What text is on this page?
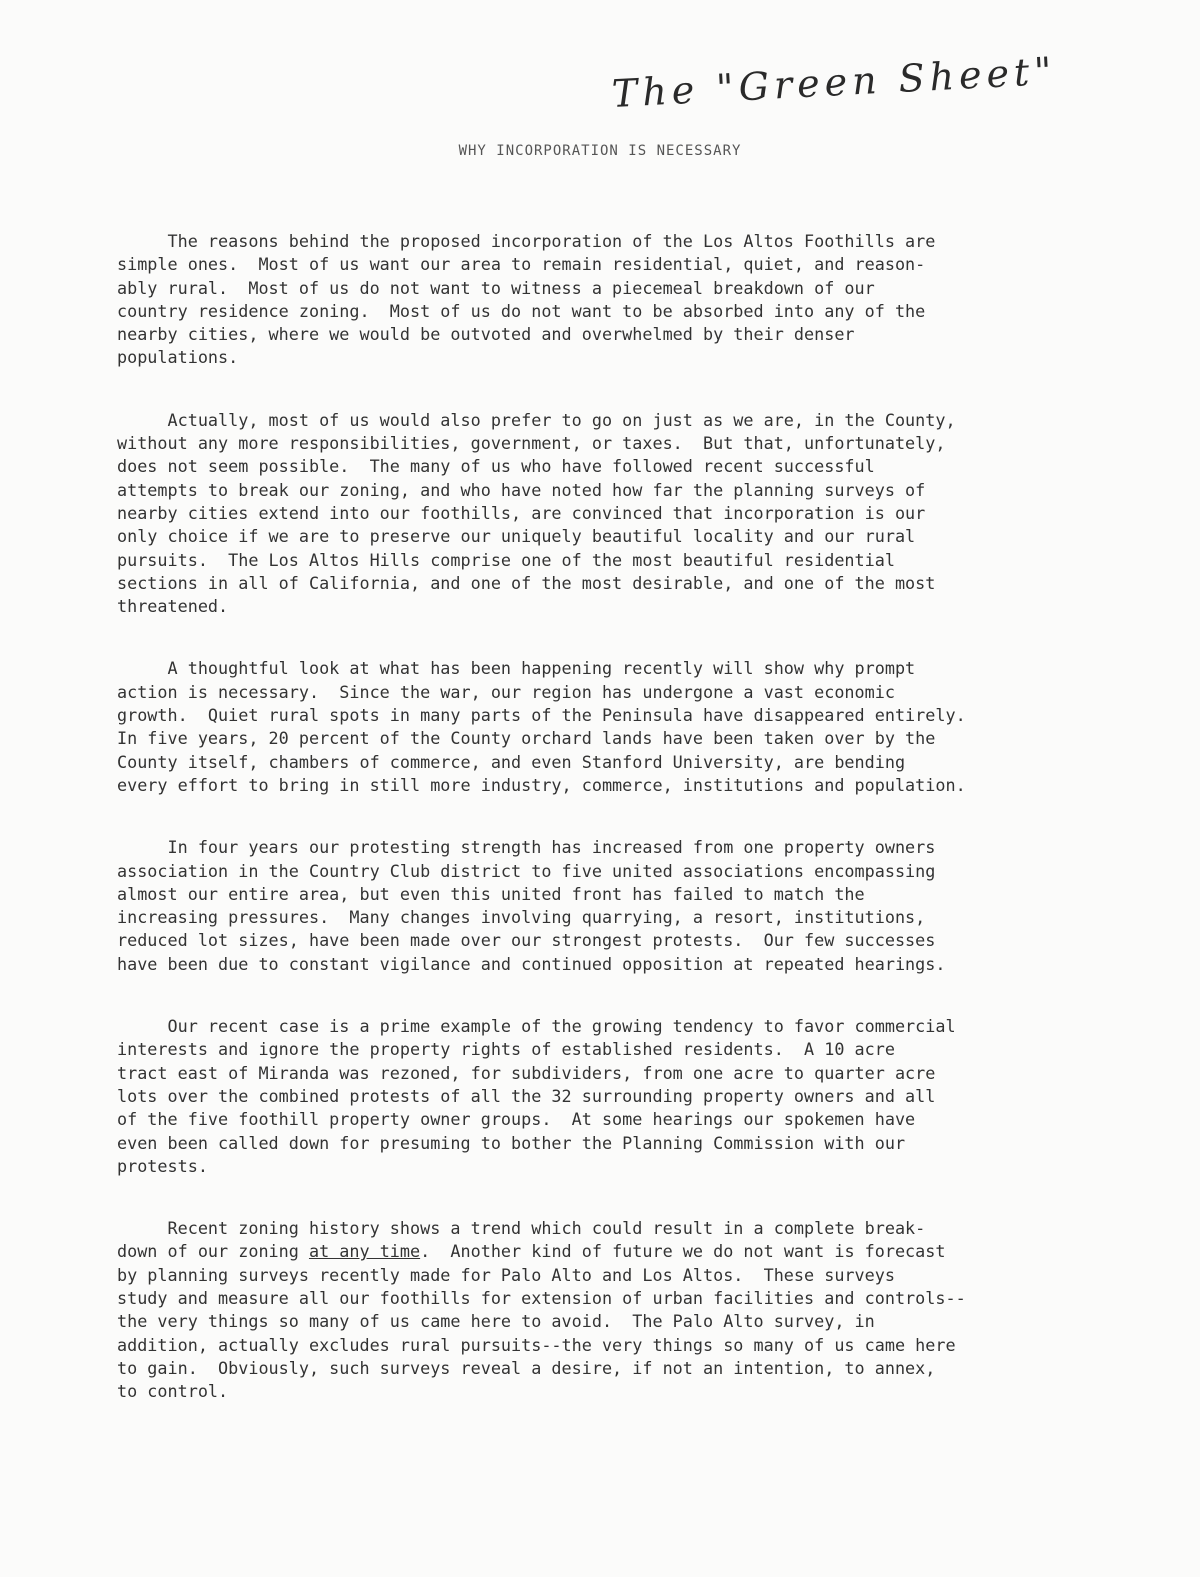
The "Green Sheet"
WHY INCORPORATION IS NECESSARY

The reasons behind the proposed incorporation of the Los Altos Foothills are
simple ones.  Most of us want our area to remain residential, quiet, and reason-
ably rural.  Most of us do not want to witness a piecemeal breakdown of our
country residence zoning.  Most of us do not want to be absorbed into any of the
nearby cities, where we would be outvoted and overwhelmed by their denser
populations.

Actually, most of us would also prefer to go on just as we are, in the County,
without any more responsibilities, government, or taxes.  But that, unfortunately,
does not seem possible.  The many of us who have followed recent successful
attempts to break our zoning, and who have noted how far the planning surveys of
nearby cities extend into our foothills, are convinced that incorporation is our
only choice if we are to preserve our uniquely beautiful locality and our rural
pursuits.  The Los Altos Hills comprise one of the most beautiful residential
sections in all of California, and one of the most desirable, and one of the most
threatened.

A thoughtful look at what has been happening recently will show why prompt
action is necessary.  Since the war, our region has undergone a vast economic
growth.  Quiet rural spots in many parts of the Peninsula have disappeared entirely.
In five years, 20 percent of the County orchard lands have been taken over by the
County itself, chambers of commerce, and even Stanford University, are bending
every effort to bring in still more industry, commerce, institutions and population.

In four years our protesting strength has increased from one property owners
association in the Country Club district to five united associations encompassing
almost our entire area, but even this united front has failed to match the
increasing pressures.  Many changes involving quarrying, a resort, institutions,
reduced lot sizes, have been made over our strongest protests.  Our few successes
have been due to constant vigilance and continued opposition at repeated hearings.

Our recent case is a prime example of the growing tendency to favor commercial
interests and ignore the property rights of established residents.  A 10 acre
tract east of Miranda was rezoned, for subdividers, from one acre to quarter acre
lots over the combined protests of all the 32 surrounding property owners and all
of the five foothill property owner groups.  At some hearings our spokemen have
even been called down for presuming to bother the Planning Commission with our
protests.

Recent zoning history shows a trend which could result in a complete break-
down of our zoning at any time.  Another kind of future we do not want is forecast
by planning surveys recently made for Palo Alto and Los Altos.  These surveys
study and measure all our foothills for extension of urban facilities and controls--
the very things so many of us came here to avoid.  The Palo Alto survey, in
addition, actually excludes rural pursuits--the very things so many of us came here
to gain.  Obviously, such surveys reveal a desire, if not an intention, to annex,
to control.
